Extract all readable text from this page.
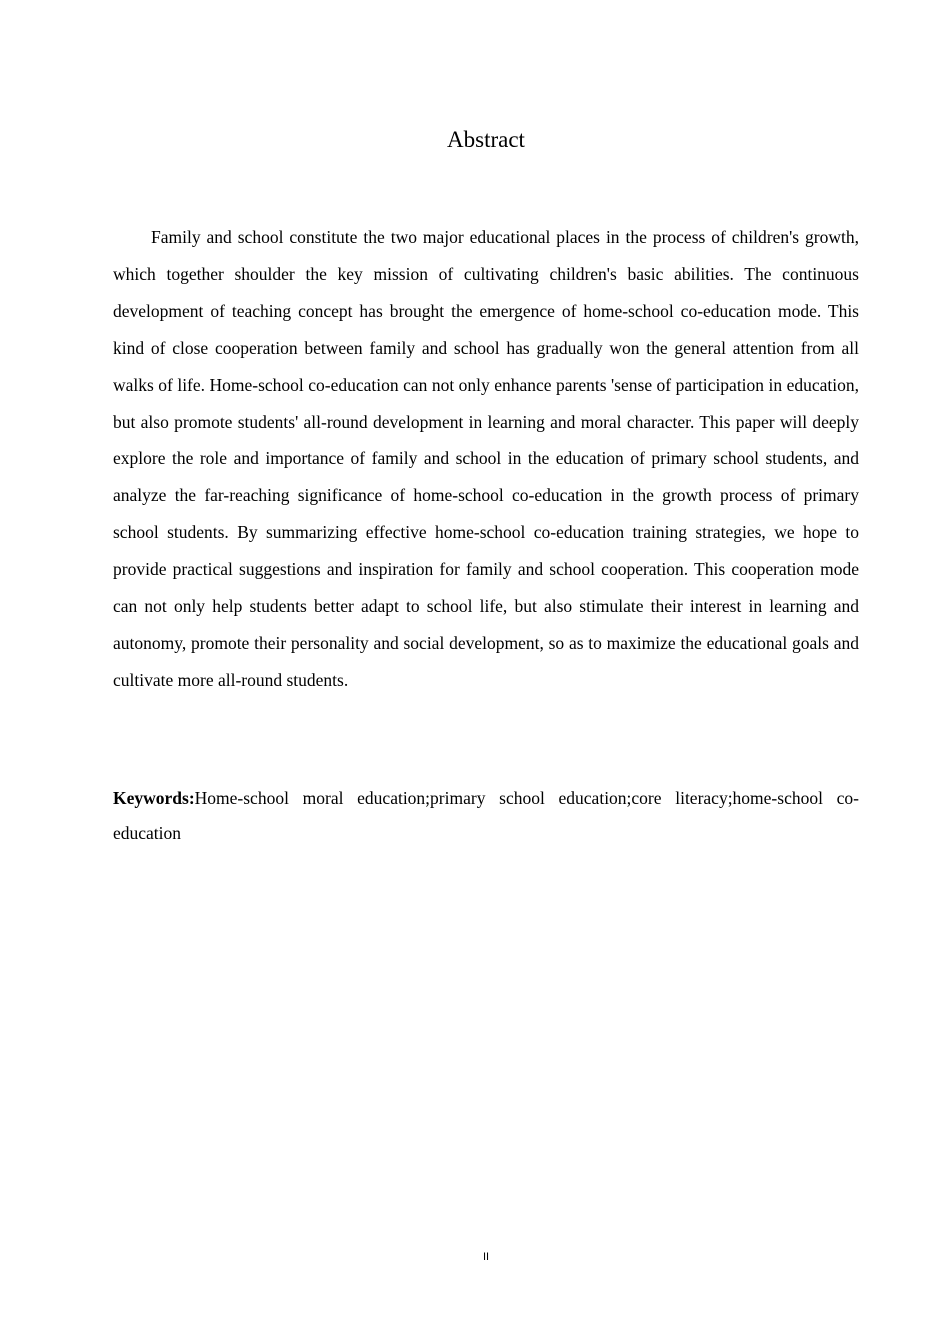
Abstract

Family and school constitute the two major educational places in the process of children's growth, which together shoulder the key mission of cultivating children's basic abilities. The continuous development of teaching concept has brought the emergence of home-school co-education mode. This kind of close cooperation between family and school has gradually won the general attention from all walks of life. Home-school co-education can not only enhance parents 'sense of participation in education, but also promote students' all-round development in learning and moral character. This paper will deeply explore the role and importance of family and school in the education of primary school students, and analyze the far-reaching significance of home-school co-education in the growth process of primary school students. By summarizing effective home-school co-education training strategies, we hope to provide practical suggestions and inspiration for family and school cooperation. This cooperation mode can not only help students better adapt to school life, but also stimulate their interest in learning and autonomy, promote their personality and social development, so as to maximize the educational goals and cultivate more all-round students.

Keywords:Home-school moral education;primary school education;core literacy;home-school co-education

II
